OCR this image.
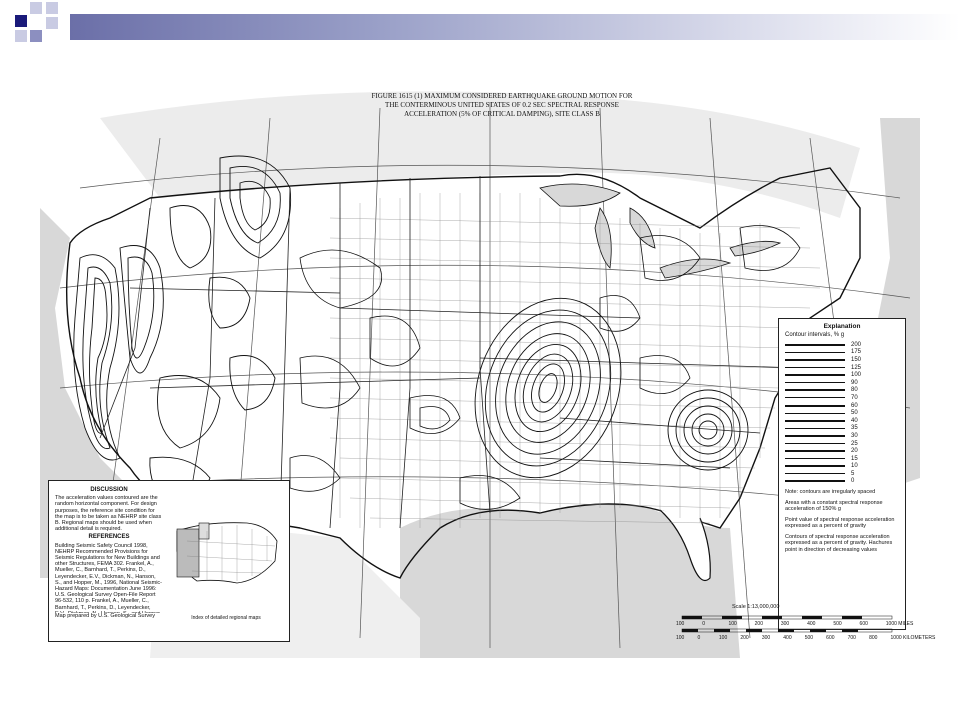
FIGURE 1615 (1) MAXIMUM CONSIDERED EARTHQUAKE GROUND MOTION FOR
THE CONTERMINOUS UNITED STATES OF 0.2 SEC SPECTRAL RESPONSE
ACCELERATION (5% OF CRITICAL DAMPING), SITE CLASS B
Explanation
Contour intervals, % g
200
175
150
125
100
90
80
70
60
50
40
35
30
25
20
15
10
5
0
Note: contours are irregularly spaced
Areas with a constant spectral response acceleration of 150% g
Point value of spectral response acceleration expressed as a percent of gravity
Contours of spectral response acceleration expressed as a percent of gravity. Hachures point in direction of decreasing values
DISCUSSION
The acceleration values contoured are the random horizontal component. For design purposes, the reference site condition for the map is to be taken as NEHRP site class B. Regional maps should be used when additional detail is required.
REFERENCES
Building Seismic Safety Council 1998, NEHRP Recommended Provisions for Seismic Regulations for New Buildings and other Structures, FEMA 302. Frankel, A., Mueller, C., Barnhard, T., Perkins, D., Leyendecker, E.V., Dickman, N., Hanson, S., and Hopper, M., 1996, National Seismic-Hazard Maps: Documentation June 1996: U.S. Geological Survey Open-File Report 96-532, 110 p. Frankel, A., Mueller, C., Barnhard, T., Perkins, D., Leyendecker,
Map prepared by U.S. Geological Survey	Index of detailed regional maps
Scale 1:13,000,000
100	0	100	200	300	400	500	600	1000 MILES
100	0	100	200	300	400	500	600	700	800	1000 KILOMETERS
